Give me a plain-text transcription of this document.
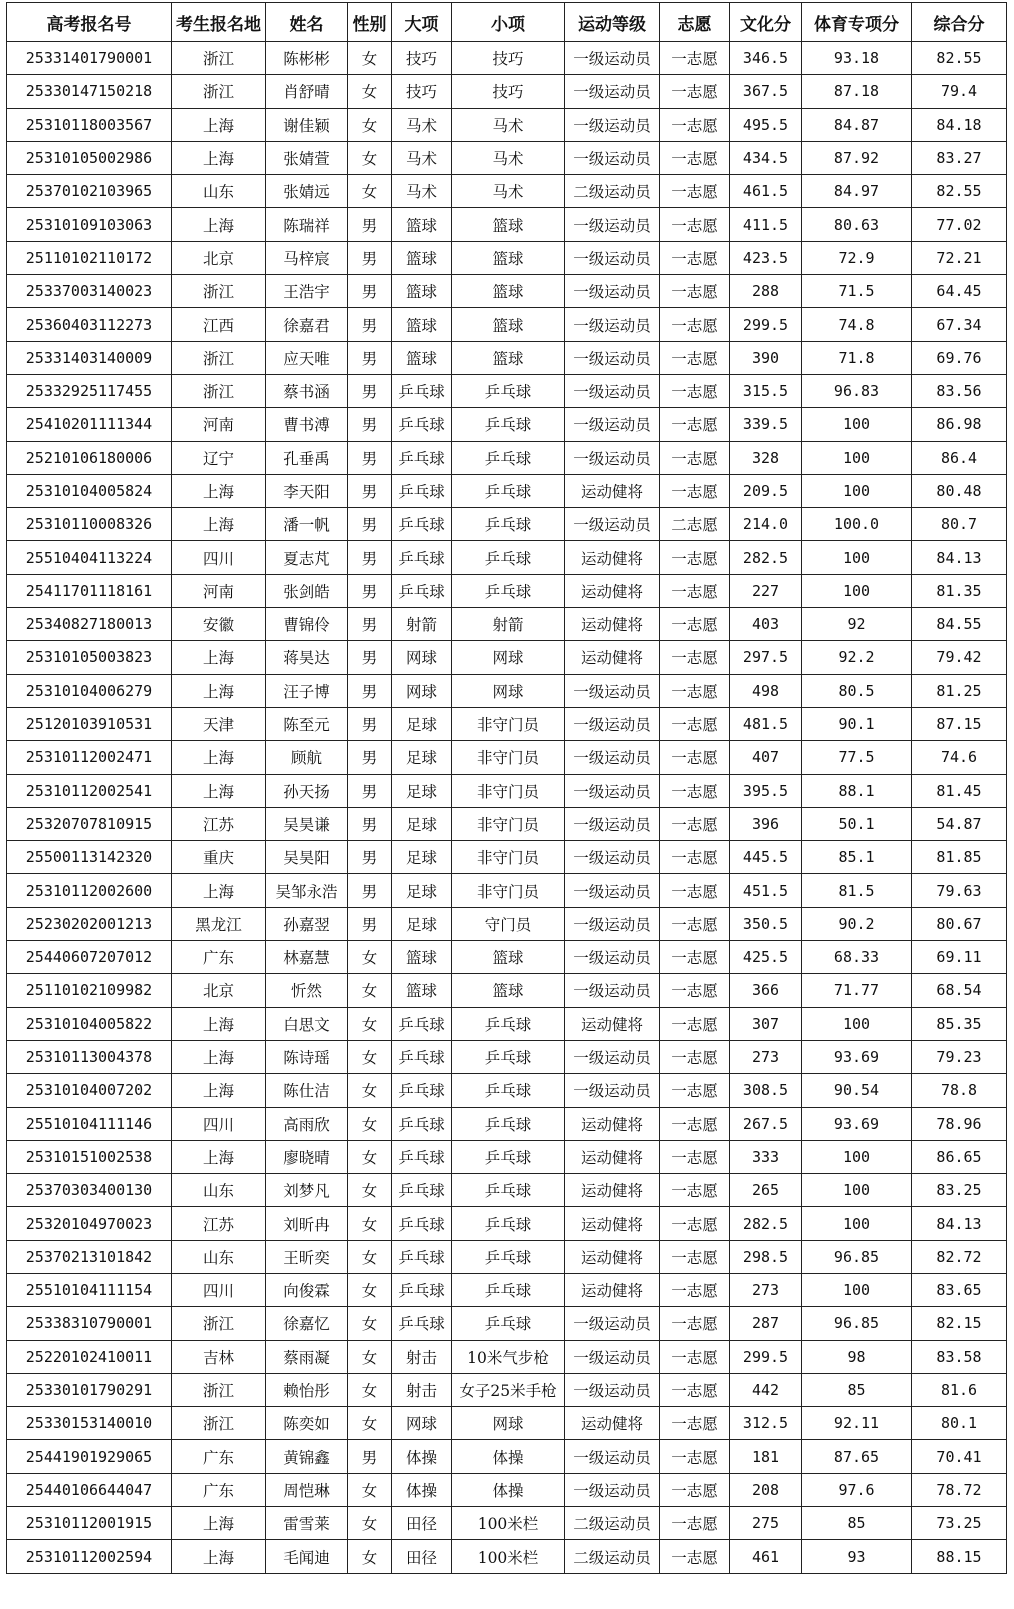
高考报名号	考生报名地	姓名	性别	大项	小项	运动等级	志愿	文化分	体育专项分	综合分
25331401790001	浙江	陈彬彬	女	技巧	技巧	一级运动员	一志愿	346.5	93.18	82.55
25330147150218	浙江	肖舒晴	女	技巧	技巧	一级运动员	一志愿	367.5	87.18	79.4
25310118003567	上海	谢佳颖	女	马术	马术	一级运动员	一志愿	495.5	84.87	84.18
25310105002986	上海	张婧萱	女	马术	马术	一级运动员	一志愿	434.5	87.92	83.27
25370102103965	山东	张婧远	女	马术	马术	二级运动员	一志愿	461.5	84.97	82.55
25310109103063	上海	陈瑞祥	男	篮球	篮球	一级运动员	一志愿	411.5	80.63	77.02
25110102110172	北京	马梓宸	男	篮球	篮球	一级运动员	一志愿	423.5	72.9	72.21
25337003140023	浙江	王浩宇	男	篮球	篮球	一级运动员	一志愿	288	71.5	64.45
25360403112273	江西	徐嘉君	男	篮球	篮球	一级运动员	一志愿	299.5	74.8	67.34
25331403140009	浙江	应天唯	男	篮球	篮球	一级运动员	一志愿	390	71.8	69.76
25332925117455	浙江	蔡书涵	男	乒乓球	乒乓球	一级运动员	一志愿	315.5	96.83	83.56
25410201111344	河南	曹书溥	男	乒乓球	乒乓球	一级运动员	一志愿	339.5	100	86.98
25210106180006	辽宁	孔垂禹	男	乒乓球	乒乓球	一级运动员	一志愿	328	100	86.4
25310104005824	上海	李天阳	男	乒乓球	乒乓球	运动健将	一志愿	209.5	100	80.48
25310110008326	上海	潘一帆	男	乒乓球	乒乓球	一级运动员	二志愿	214.0	100.0	80.7
25510404113224	四川	夏志芃	男	乒乓球	乒乓球	运动健将	一志愿	282.5	100	84.13
25411701118161	河南	张剑皓	男	乒乓球	乒乓球	运动健将	一志愿	227	100	81.35
25340827180013	安徽	曹锦伶	男	射箭	射箭	运动健将	一志愿	403	92	84.55
25310105003823	上海	蒋昊达	男	网球	网球	运动健将	一志愿	297.5	92.2	79.42
25310104006279	上海	汪子博	男	网球	网球	一级运动员	一志愿	498	80.5	81.25
25120103910531	天津	陈至元	男	足球	非守门员	一级运动员	一志愿	481.5	90.1	87.15
25310112002471	上海	顾航	男	足球	非守门员	一级运动员	一志愿	407	77.5	74.6
25310112002541	上海	孙天扬	男	足球	非守门员	一级运动员	一志愿	395.5	88.1	81.45
25320707810915	江苏	吴昊谦	男	足球	非守门员	一级运动员	一志愿	396	50.1	54.87
25500113142320	重庆	吴昊阳	男	足球	非守门员	一级运动员	一志愿	445.5	85.1	81.85
25310112002600	上海	吴邹永浩	男	足球	非守门员	一级运动员	一志愿	451.5	81.5	79.63
25230202001213	黑龙江	孙嘉翌	男	足球	守门员	一级运动员	一志愿	350.5	90.2	80.67
25440607207012	广东	林嘉慧	女	篮球	篮球	一级运动员	一志愿	425.5	68.33	69.11
25110102109982	北京	忻然	女	篮球	篮球	一级运动员	一志愿	366	71.77	68.54
25310104005822	上海	白思文	女	乒乓球	乒乓球	运动健将	一志愿	307	100	85.35
25310113004378	上海	陈诗瑶	女	乒乓球	乒乓球	一级运动员	一志愿	273	93.69	79.23
25310104007202	上海	陈仕洁	女	乒乓球	乒乓球	一级运动员	一志愿	308.5	90.54	78.8
25510104111146	四川	高雨欣	女	乒乓球	乒乓球	运动健将	一志愿	267.5	93.69	78.96
25310151002538	上海	廖晓晴	女	乒乓球	乒乓球	运动健将	一志愿	333	100	86.65
25370303400130	山东	刘梦凡	女	乒乓球	乒乓球	运动健将	一志愿	265	100	83.25
25320104970023	江苏	刘昕冉	女	乒乓球	乒乓球	运动健将	一志愿	282.5	100	84.13
25370213101842	山东	王昕奕	女	乒乓球	乒乓球	运动健将	一志愿	298.5	96.85	82.72
25510104111154	四川	向俊霖	女	乒乓球	乒乓球	运动健将	一志愿	273	100	83.65
25338310790001	浙江	徐嘉忆	女	乒乓球	乒乓球	一级运动员	一志愿	287	96.85	82.15
25220102410011	吉林	蔡雨凝	女	射击	10米气步枪	一级运动员	一志愿	299.5	98	83.58
25330101790291	浙江	赖怡彤	女	射击	女子25米手枪	一级运动员	一志愿	442	85	81.6
25330153140010	浙江	陈奕如	女	网球	网球	运动健将	一志愿	312.5	92.11	80.1
25441901929065	广东	黄锦鑫	男	体操	体操	一级运动员	一志愿	181	87.65	70.41
25440106644047	广东	周恺琳	女	体操	体操	一级运动员	一志愿	208	97.6	78.72
25310112001915	上海	雷雪莱	女	田径	100米栏	二级运动员	一志愿	275	85	73.25
25310112002594	上海	毛闻迪	女	田径	100米栏	二级运动员	一志愿	461	93	88.15
